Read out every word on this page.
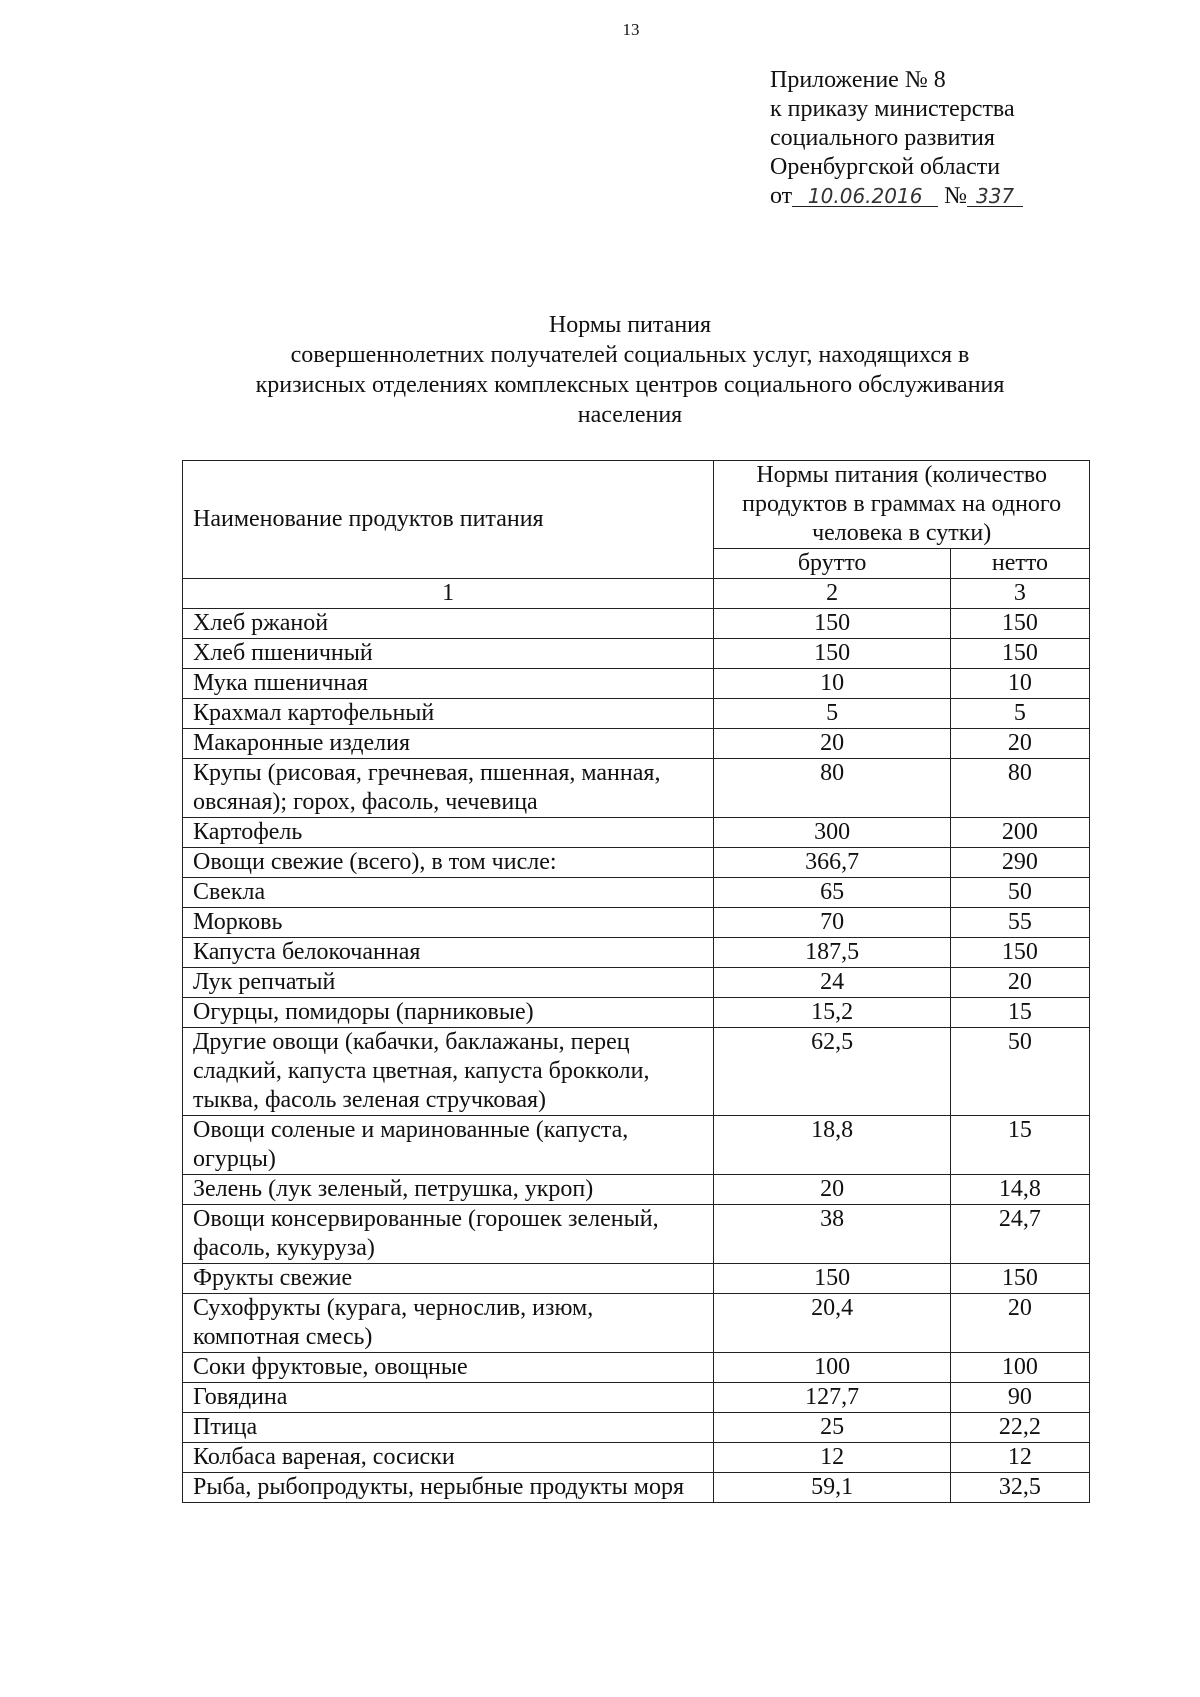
13
Приложение № 8
к приказу министерства
социального развития
Оренбургской области
от 10.06.2016 № 337
Нормы питания
совершеннолетних получателей социальных услуг, находящихся в
кризисных отделениях комплексных центров социального обслуживания
населения
Наименование продуктов питания	Нормы питания (количество продуктов в граммах на одного человека в сутки)	
	брутто	нетто
1	2	3
Хлеб ржаной	150	150
Хлеб пшеничный	150	150
Мука пшеничная	10	10
Крахмал картофельный	5	5
Макаронные изделия	20	20
Крупы (рисовая, гречневая, пшенная, манная, овсяная); горох, фасоль, чечевица	80	80
Картофель	300	200
Овощи свежие (всего), в том числе:	366,7	290
Свекла	65	50
Морковь	70	55
Капуста белокочанная	187,5	150
Лук репчатый	24	20
Огурцы, помидоры (парниковые)	15,2	15
Другие овощи (кабачки, баклажаны, перец сладкий, капуста цветная, капуста брокколи, тыква, фасоль зеленая стручковая)	62,5	50
Овощи соленые и маринованные (капуста, огурцы)	18,8	15
Зелень (лук зеленый, петрушка, укроп)	20	14,8
Овощи консервированные (горошек зеленый, фасоль, кукуруза)	38	24,7
Фрукты свежие	150	150
Сухофрукты (курага, чернослив, изюм, компотная смесь)	20,4	20
Соки фруктовые, овощные	100	100
Говядина	127,7	90
Птица	25	22,2
Колбаса вареная, сосиски	12	12
Рыба, рыбопродукты, нерыбные продукты моря	59,1	32,5
